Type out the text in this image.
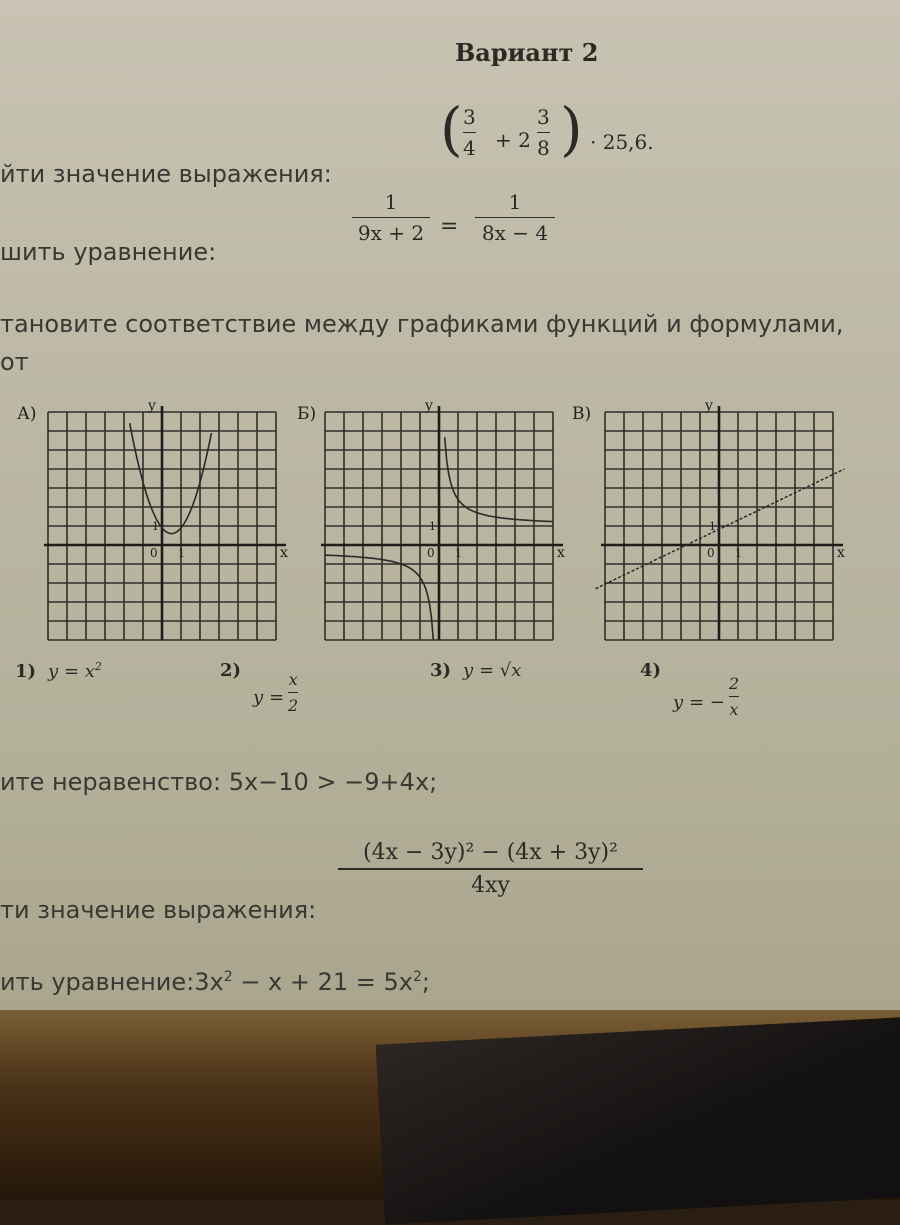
Вариант 2
йти значение выражения:
( 3
4 + 2
3
8 ) · 25,6.
шить уравнение:
1
9x + 2 =
1
8x − 4
тановите соответствие между графиками функций и формулами,
от
А)	y
x
0 1
1
Б)	y
x
0 1
1
В)	y
x
0 1
1
1) $y = x^2$	2)
$y = \frac{x}{2}$	3) y = √x	4)
y = − $\frac{2}{x}$
ите неравенство: 5x−10 > −9+4x;
ти значение выражения:
(4x − 3y)² − (4x + 3y)²
4xy
ить $уравнение:3x^2 - x + 21 = 5x^2$;
